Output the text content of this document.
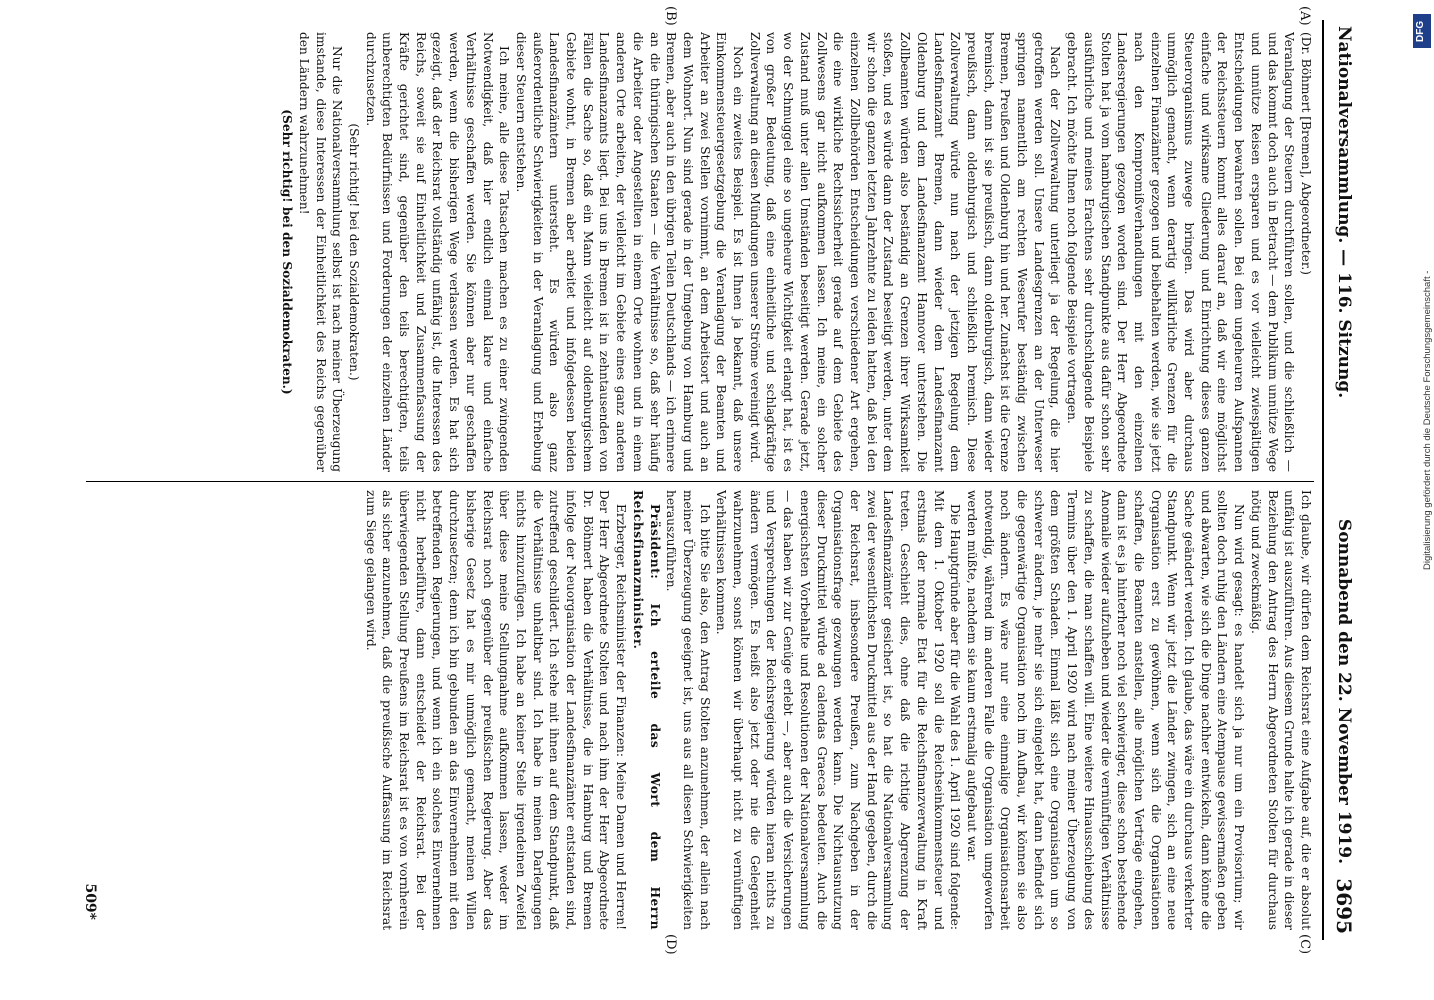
Nationalversammlung. — 116. Sitzung.
Sonnabend den 22. November 1919.
3695
(A)
(B)
(C)
(D)

(Dr. Böhmert [Bremen], Abgeordneter.)

Veranlagung der Steuern durchführen sollen, und die schließlich — und das kommt doch auch in Betracht — dem Publikum unnütze Wege und unnütze Reisen ersparen und es vor vielleicht zwiespältigen Entscheidungen bewahren sollen. Bei dem ungeheuren Aufspannen der Reichssteuern kommt alles darauf an, daß wir eine möglichst einfache und wirksame Gliederung und Einrichtung dieses ganzen Steuerorganismus zuwege bringen. Das wird aber durchaus unmöglich gemacht, wenn derartig willkürliche Grenzen für die einzelnen Finanzämter gezogen und beibehalten werden, wie sie jetzt nach den Kompromißverhandlungen mit den einzelnen Landesregierungen gezogen worden sind. Der Herr Abgeordnete Stolten hat ja vom hamburgischen Standpunkte aus dafür schon sehr ausführliche und meines Erachtens sehr durchschlagende Beispiele gebracht. Ich möchte Ihnen noch folgende Beispiele vortragen.

Nach der Zollverwaltung unterliegt ja der Regelung, die hier getroffen werden soll. Unsere Landesgrenzen an der Unterweser springen namentlich am rechten Weserufer beständig zwischen Bremen, Preußen und Oldenburg hin und her. Zunächst ist die Grenze bremisch, dann ist sie preußisch, dann oldenburgisch, dann wieder preußisch, dann oldenburgisch und schließlich bremisch. Diese Zollverwaltung würde nun nach der jetzigen Regelung dem Landesfinanzamt Bremen, dann wieder dem Landesfinanzamt Oldenburg und dem Landesfinanzamt Hannover unterstehen. Die Zollbeamten würden also beständig an Grenzen ihrer Wirksamkeit stoßen, und es würde dann der Zustand beseitigt werden, unter dem wir schon die ganzen letzten Jahrzehnte zu leiden hatten, daß bei den einzelnen Zollbehörden Entscheidungen verschiedener Art ergehen, die eine wirkliche Rechtssicherheit gerade auf dem Gebiete des Zollwesens gar nicht aufkommen lassen. Ich meine, ein solcher Zustand muß unter allen Umständen beseitigt werden. Gerade jetzt, wo der Schmuggel eine so ungeheure Wichtigkeit erlangt hat, ist es von großer Bedeutung, daß eine einheitliche und schlagkräftige Zollverwaltung an diesen Mündungen unserer Ströme vereinigt wird.

Noch ein zweites Beispiel. Es ist Ihnen ja bekannt, daß unsere Einkommensteuergesetzgebung die Veranlagung der Beamten und Arbeiter an zwei Stellen vornimmt, an dem Arbeitsort und auch an dem Wohnort. Nun sind gerade in der Umgebung von Hamburg und Bremen, aber auch in den übrigen Teilen Deutschlands — ich erinnere an die thüringischen Staaten — die Verhältnisse so, daß sehr häufig die Arbeiter oder Angestellten in einem Orte wohnen und in einem anderen Orte arbeiten, der vielleicht im Gebiete eines ganz anderen Landesfinanzamts liegt. Bei uns in Bremen ist in zehntausenden von Fällen die Sache so, daß ein Mann vielleicht auf oldenburgischem Gebiete wohnt, in Bremen aber arbeitet und infolgedessen beiden Landesfinanzämtern untersteht. Es würden also ganz außerordentliche Schwierigkeiten in der Veranlagung und Erhebung dieser Steuern entstehen.

Ich meine, alle diese Tatsachen machen es zu einer zwingenden Notwendigkeit, daß hier endlich einmal klare und einfache Verhältnisse geschaffen werden. Sie können aber nur geschaffen werden, wenn die bisherigen Wege verlassen werden. Es hat sich gezeigt, daß der Reichsrat vollständig unfähig ist, die Interessen des Reichs, soweit sie auf Einheitlichkeit und Zusammenfassung der Kräfte gerichtet sind, gegenüber den teils berechtigten, teils unberechtigten Bedürfnissen und Forderungen der einzelnen Länder durchzusetzen.

(Sehr richtig! bei den Sozialdemokraten.)

Nur die Nationalversammlung selbst ist nach meiner Überzeugung imstande, diese Interessen der Einheitlichkeit des Reichs gegenüber den Ländern wahrzunehmen!

(Sehr richtig! bei den Sozialdemokraten.)

Ich glaube, wir dürfen dem Reichsrat eine Aufgabe auf, die er absolut unfähig ist auszuführen. Aus diesem Grunde halte ich gerade in dieser Beziehung den Antrag des Herrn Abgeordneten Stolten für durchaus nötig und zweckmäßig.

Nun wird gesagt: es handelt sich ja nur um ein Provisorium; wir sollten doch ruhig den Ländern eine Atempause gewissermaßen geben und abwarten, wie sich die Dinge nachher entwickeln, dann könne die Sache geändert werden. Ich glaube, das wäre ein durchaus verkehrter Standpunkt. Wenn wir jetzt die Länder zwingen, sich an eine neue Organisation erst zu gewöhnen, wenn sich die Organisationen schaffen, die Beamten anstellen, alle möglichen Verträge eingehen, dann ist es ja hinterher noch viel schwieriger, diese schon bestehende Anomalie wieder aufzuheben und wieder die vernünftigen Verhältnisse zu schaffen, die man schaffen will. Eine weitere Hinausschiebung des Termins über den 1. April 1920 wird nach meiner Überzeugung von dem größten Schaden. Einmal läßt sich eine Organisation um so schwerer ändern, je mehr sie sich eingelebt hat, dann befindet sich die gegenwärtige Organisation noch im Aufbau, wir können sie also noch ändern. Es wäre nur eine einmalige Organisationsarbeit notwendig, während im anderen Falle die Organisation umgeworfen werden müßte, nachdem sie kaum erstmalig aufgebaut war.

Die Hauptgründe aber für die Wahl des 1. April 1920 sind folgende: Mit dem 1. Oktober 1920 soll die Reichseinkommensteuer und erstmals der normale Etat für die Reichsfinanzverwaltung in Kraft treten. Geschieht dies, ohne daß die richtige Abgrenzung der Landesfinanzämter gesichert ist, so hat die Nationalversammlung zwei der wesentlichsten Druckmittel aus der Hand gegeben, durch die der Reichsrat, insbesondere Preußen, zum Nachgeben in der Organisationsfrage gezwungen werden kann. Die Nichtausnutzung dieser Druckmittel würde ad calendas Graecas bedeuten. Auch die energischsten Vorbehalte und Resolutionen der Nationalversammlung — das haben wir zur Genüge erlebt —, aber auch die Versicherungen und Versprechungen der Reichsregierung würden hieran nichts zu ändern vermögen. Es heißt also jetzt oder nie die Gelegenheit wahrzunehmen, sonst können wir überhaupt nicht zu vernünftigen Verhältnissen kommen.

Ich bitte Sie also, den Antrag Stolten anzunehmen, der allein nach meiner Überzeugung geeignet ist, uns aus all diesen Schwierigkeiten herauszuführen.

Präsident: Ich erteile das Wort dem Herrn Reichsfinanzminister.

Erzberger, Reichsminister der Finanzen: Meine Damen und Herren! Der Herr Abgeordnete Stolten und nach ihm der Herr Abgeordnete Dr. Böhmert haben die Verhältnisse, die in Hamburg und Bremen infolge der Neuorganisation der Landesfinanzämter entstanden sind, zutreffend geschildert. Ich stehe mit ihnen auf dem Standpunkt, daß die Verhältnisse unhaltbar sind. Ich habe in meinen Darlegungen nichts hinzuzufügen. Ich habe an keiner Stelle irgendeinen Zweifel über diese meine Stellungnahme aufkommen lassen, weder im Reichsrat noch gegenüber der preußischen Regierung. Aber das bisherige Gesetz hat es mir unmöglich gemacht, meinen Willen durchzusetzen; denn ich bin gebunden an das Einvernehmen mit den betreffenden Regierungen, und wenn ich ein solches Einvernehmen nicht herbeiführe, dann entscheidet der Reichsrat. Bei der überwiegenden Stellung Preußens im Reichsrat ist es von vornherein als sicher anzunehmen, daß die preußische Auffassung im Reichsrat zum Siege gelangen wird.

509*
DFG
Digitalisierung gefördert durch die Deutsche Forschungsgemeinschaft -
